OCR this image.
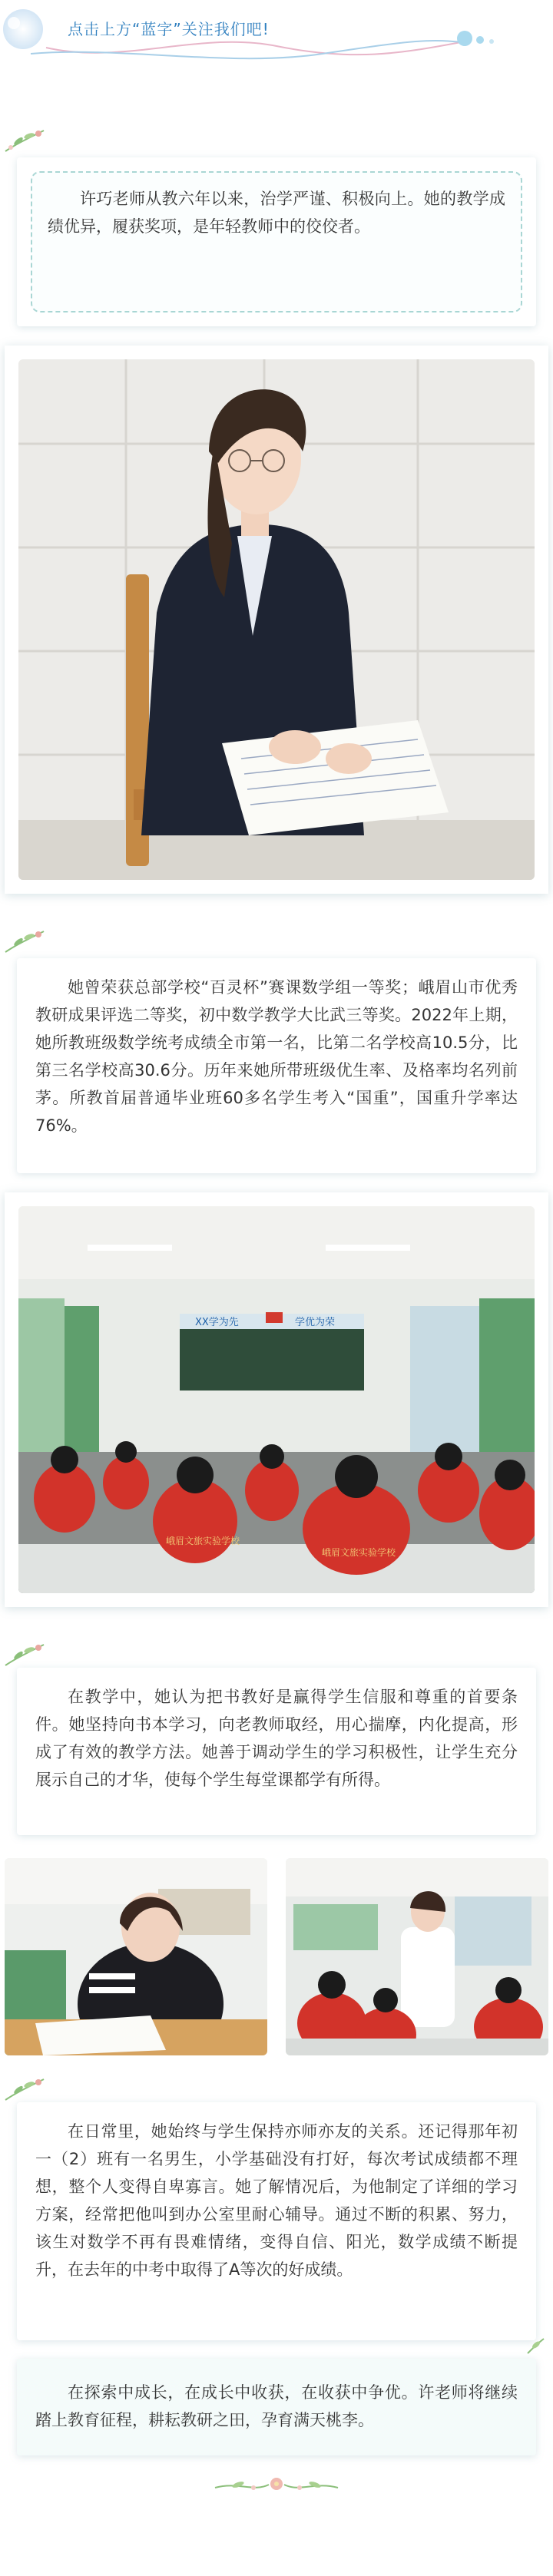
点击上方“蓝字”关注我们吧!

许巧老师从教六年以来，治学严谨、积极向上。她的教学成绩优异，履获奖项，是年轻教师中的佼佼者。

她曾荣获总部学校“百灵杯”赛课数学组一等奖；峨眉山市优秀教研成果评选二等奖，初中数学教学大比武三等奖。2022年上期，她所教班级数学统考成绩全市第一名，比第二名学校高10.5分，比第三名学校高30.6分。历年来她所带班级优生率、及格率均名列前茅。所教首届普通毕业班60多名学生考入“国重”，国重升学率达76%。

XX学为先	学优为荣
峨眉文旅实验学校
峨眉文旅实验学校

在教学中，她认为把书教好是赢得学生信服和尊重的首要条件。她坚持向书本学习，向老教师取经，用心揣摩，内化提高，形成了有效的教学方法。她善于调动学生的学习积极性，让学生充分展示自己的才华，使每个学生每堂课都学有所得。

在日常里，她始终与学生保持亦师亦友的关系。还记得那年初一（2）班有一名男生，小学基础没有打好，每次考试成绩都不理想，整个人变得自卑寡言。她了解情况后，为他制定了详细的学习方案，经常把他叫到办公室里耐心辅导。通过不断的积累、努力，该生对数学不再有畏难情绪，变得自信、阳光，数学成绩不断提升，在去年的中考中取得了A等次的好成绩。

在探索中成长，在成长中收获，在收获中争优。许老师将继续踏上教育征程，耕耘教研之田，孕育满天桃李。
